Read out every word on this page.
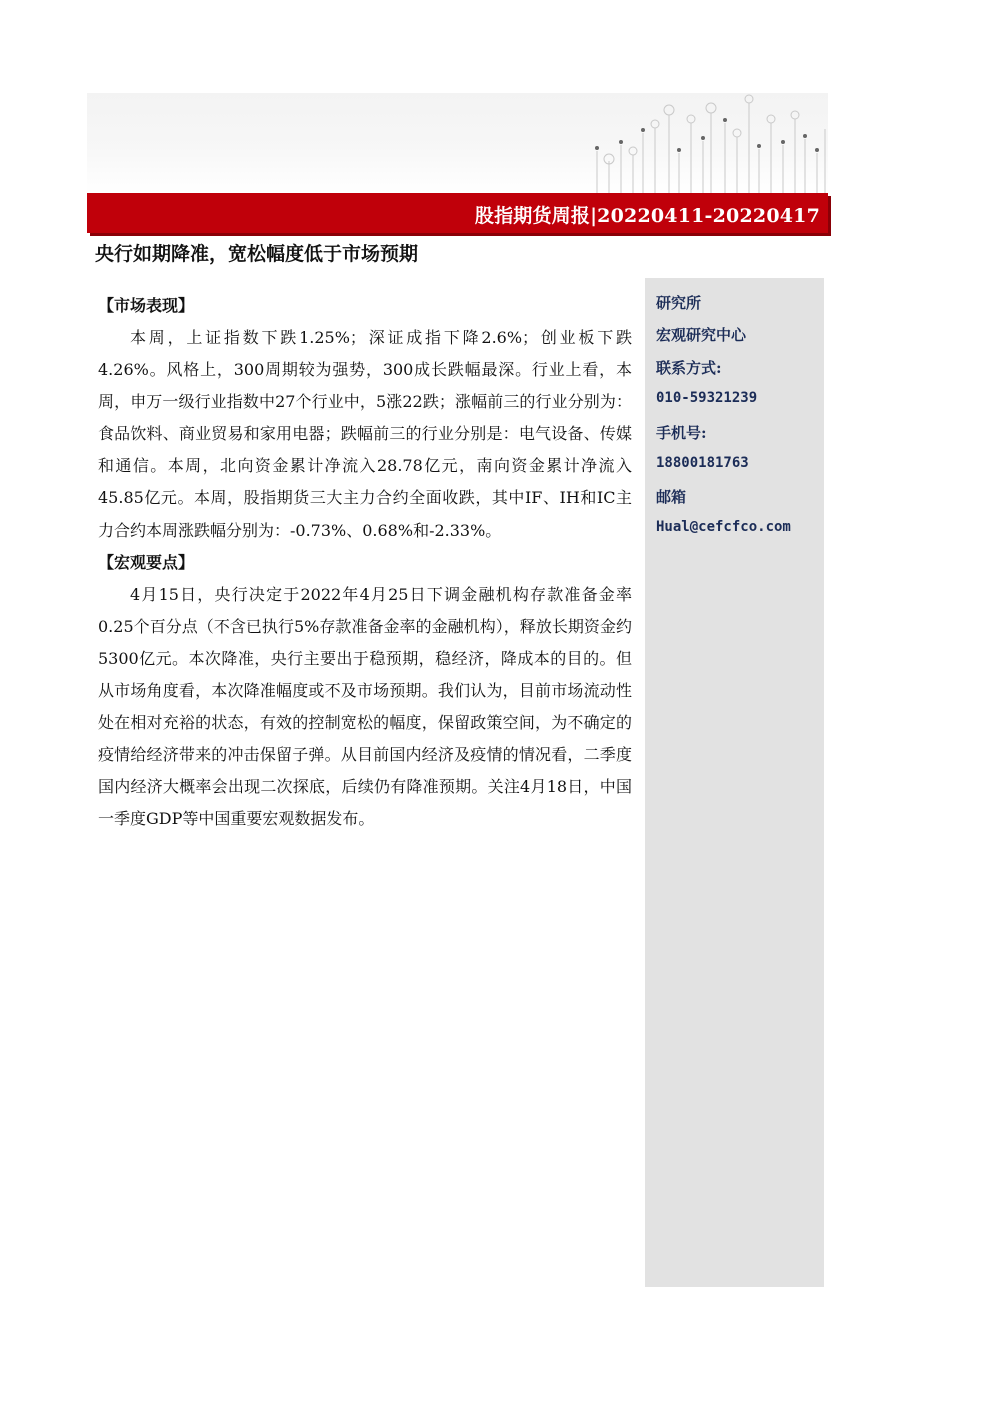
股指期货周报|20220411-20220417
央行如期降准，宽松幅度低于市场预期
研究所
宏观研究中心
联系方式:
010-59321239
手机号:
18800181763
邮箱
Hual@cefcfco.com
【市场表现】

本周，上证指数下跌1.25%；深证成指下降2.6%；创业板下跌4.26%。风格上，300周期较为强势，300成长跌幅最深。行业上看，本周，申万一级行业指数中27个行业中，5涨22跌；涨幅前三的行业分别为：食品饮料、商业贸易和家用电器；跌幅前三的行业分别是：电气设备、传媒和通信。本周，北向资金累计净流入28.78亿元，南向资金累计净流入45.85亿元。本周，股指期货三大主力合约全面收跌，其中IF、IH和IC主力合约本周涨跌幅分别为：-0.73%、0.68%和-2.33%。

【宏观要点】

4月15日，央行决定于2022年4月25日下调金融机构存款准备金率0.25个百分点（不含已执行5%存款准备金率的金融机构），释放长期资金约5300亿元。本次降准，央行主要出于稳预期，稳经济，降成本的目的。但从市场角度看，本次降准幅度或不及市场预期。我们认为，目前市场流动性处在相对充裕的状态，有效的控制宽松的幅度，保留政策空间，为不确定的疫情给经济带来的冲击保留子弹。从目前国内经济及疫情的情况看，二季度国内经济大概率会出现二次探底，后续仍有降准预期。关注4月18日，中国一季度GDP等中国重要宏观数据发布。
